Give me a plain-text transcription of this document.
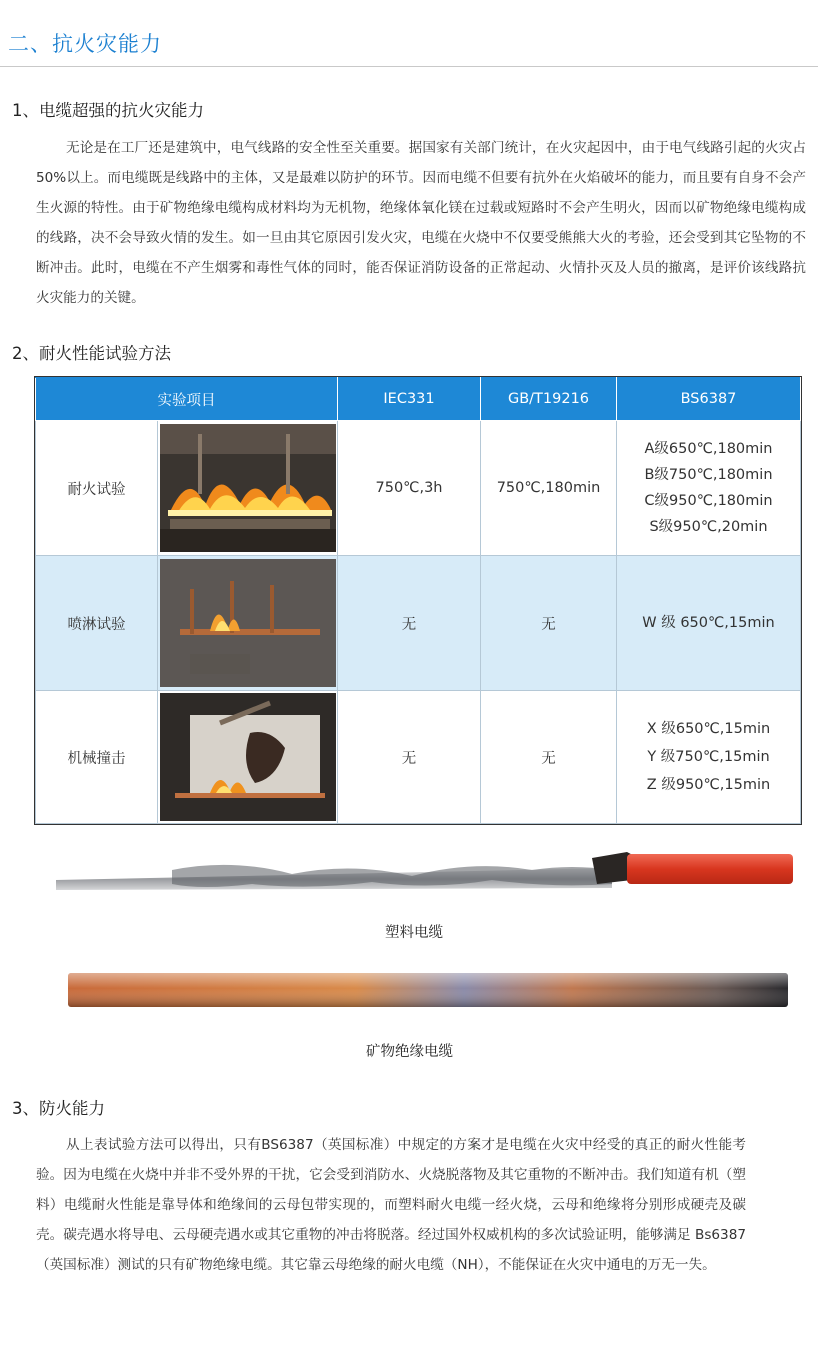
二、抗火灾能力
1、电缆超强的抗火灾能力
无论是在工厂还是建筑中，电气线路的安全性至关重要。据国家有关部门统计，在火灾起因中，由于电气线路引起的火灾占50%以上。而电缆既是线路中的主体，又是最难以防护的环节。因而电缆不但要有抗外在火焰破坏的能力，而且要有自身不会产生火源的特性。由于矿物绝缘电缆构成材料均为无机物，绝缘体氧化镁在过载或短路时不会产生明火，因而以矿物绝缘电缆构成的线路，决不会导致火情的发生。如一旦由其它原因引发火灾，电缆在火烧中不仅要受熊熊大火的考验，还会受到其它坠物的不断冲击。此时，电缆在不产生烟雾和毒性气体的同时，能否保证消防设备的正常起动、火情扑灭及人员的撤离，是评价该线路抗火灾能力的关键。
2、耐火性能试验方法
实验项目		IEC331	GB/T19216	BS6387
耐火试验		750℃,3h	750℃,180min	A级650℃,180min
B级750℃,180min
C级950℃,180min
S级950℃,20min

喷淋试验		无	无	W 级 650℃,15min

机械撞击		无	无	X 级650℃,15min
Y 级750℃,15min
Z 级950℃,15min
塑料电缆
矿物绝缘电缆
3、防火能力
从上表试验方法可以得出，只有BS6387（英国标准）中规定的方案才是电缆在火灾中经受的真正的耐火性能考验。因为电缆在火烧中并非不受外界的干扰，它会受到消防水、火烧脱落物及其它重物的不断冲击。我们知道有机（塑料）电缆耐火性能是靠导体和绝缘间的云母包带实现的，而塑料耐火电缆一经火烧，云母和绝缘将分别形成硬壳及碳壳。碳壳遇水将导电、云母硬壳遇水或其它重物的冲击将脱落。经过国外权威机构的多次试验证明，能够满足 Bs6387（英国标准）测试的只有矿物绝缘电缆。其它靠云母绝缘的耐火电缆（NH），不能保证在火灾中通电的万无一失。
